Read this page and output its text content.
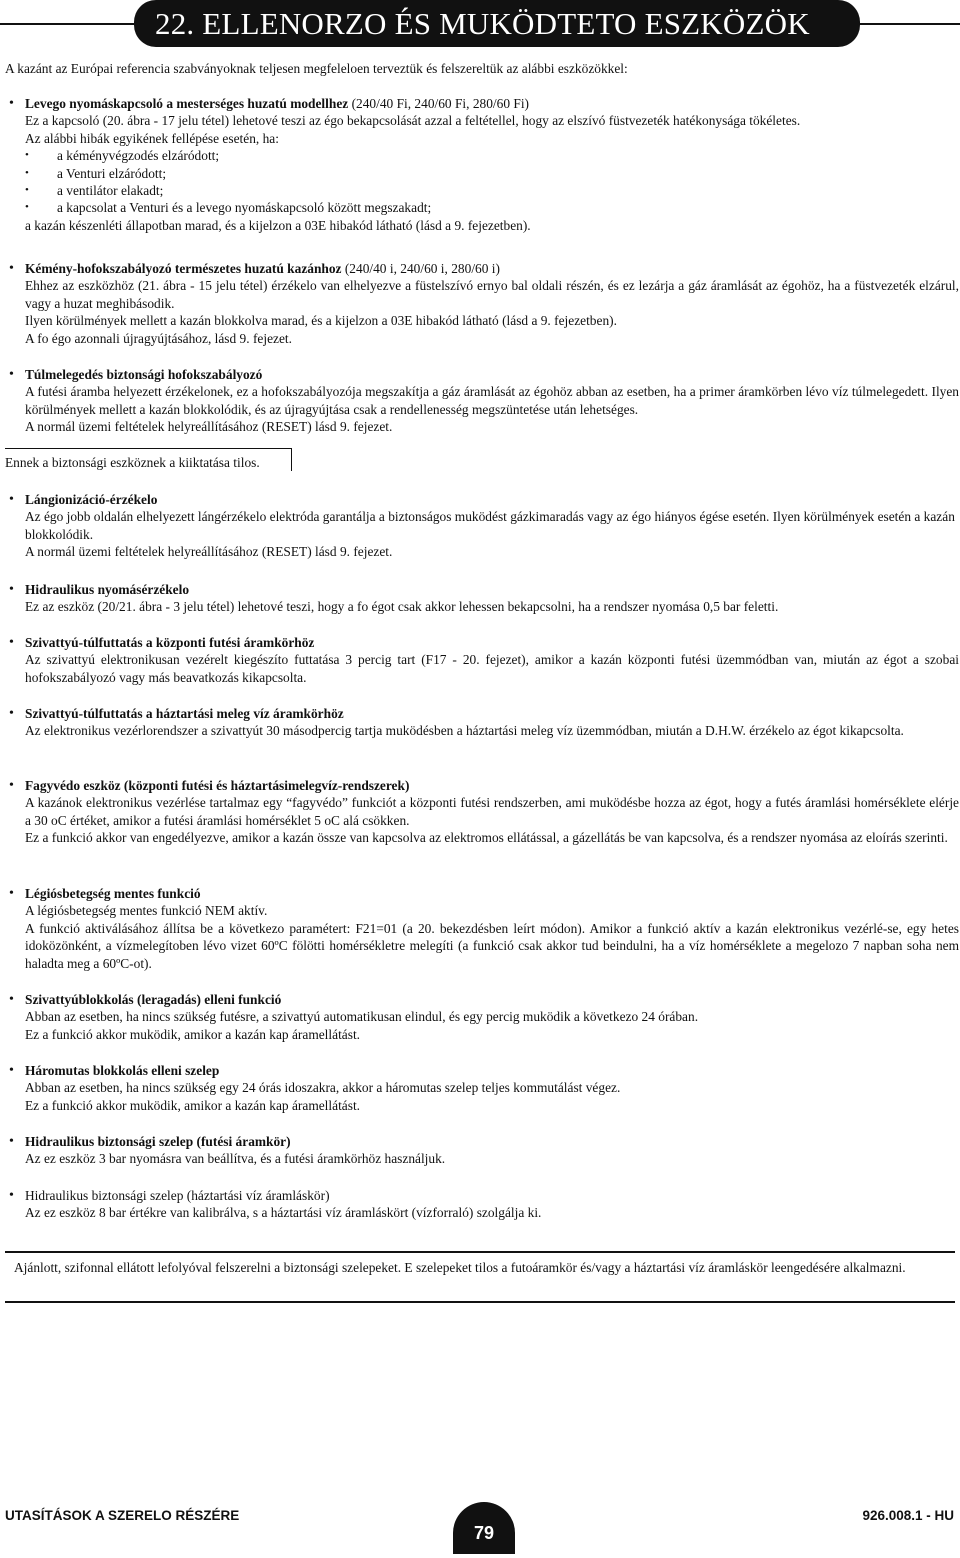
22. ELLENORZO ÉS MUKÖDTETO ESZKÖZÖK
A kazánt az Európai referencia szabványoknak teljesen megfeleloen terveztük és felszereltük az alábbi eszközökkel:
• Levego nyomáskapcsoló a mesterséges huzatú modellhez (240/40 Fi, 240/60 Fi, 280/60 Fi)
Ez a kapcsoló (20. ábra - 17 jelu tétel) lehetové teszi az égo bekapcsolását azzal a feltétellel, hogy az elszívó füstvezeték hatékonysága tökéletes.
Az alábbi hibák egyikének fellépése esetén, ha:
• a kéményvégzodés elzáródott;
• a Venturi elzáródott;
• a ventilátor elakadt;
• a kapcsolat a Venturi és a levego nyomáskapcsoló között megszakadt;
a kazán készenléti állapotban marad, és a kijelzon a 03E hibakód látható (lásd a 9. fejezetben).
• Kémény-hofokszabályozó természetes huzatú kazánhoz (240/40 i, 240/60 i, 280/60 i)
Ehhez az eszközhöz (21. ábra - 15 jelu tétel) érzékelo van elhelyezve a füstelszívó ernyo bal oldali részén, és ez lezárja a gáz áramlását az égohöz, ha a füstvezeték elzárul, vagy a huzat meghibásodik.
Ilyen körülmények mellett a kazán blokkolva marad, és a kijelzon a 03E hibakód látható (lásd a 9. fejezetben).
A fo égo azonnali újragyújtásához, lásd 9. fejezet.
• Túlmelegedés biztonsági hofokszabályozó
A futési áramba helyezett érzékelonek, ez a hofokszabályozója megszakítja a gáz áramlását az égohöz abban az esetben, ha a primer áramkörben lévo víz túlmelegedett. Ilyen körülmények mellett a kazán blokkolódik, és az újragyújtása csak a rendellenesség megszüntetése után lehetséges.
A normál üzemi feltételek helyreállításához (RESET) lásd 9. fejezet.
Ennek a biztonsági eszköznek a kiiktatása tilos.
• Lángionizáció-érzékelo
Az égo jobb oldalán elhelyezett lángérzékelo elektróda garantálja a biztonságos muködést gázkimaradás vagy az égo hiányos égése esetén. Ilyen körülmények esetén a kazán blokkolódik.
A normál üzemi feltételek helyreállításához (RESET) lásd 9. fejezet.
• Hidraulikus nyomásérzékelo
Ez az eszköz (20/21. ábra - 3 jelu tétel) lehetové teszi, hogy a fo égot csak akkor lehessen bekapcsolni, ha a rendszer nyomása 0,5 bar feletti.
• Szivattyú-túlfuttatás a központi futési áramkörhöz
Az szivattyú elektronikusan vezérelt kiegészíto futtatása 3 percig tart (F17 - 20. fejezet), amikor a kazán központi futési üzemmódban van, miután az égot a szobai hofokszabályozó vagy más beavatkozás kikapcsolta.
• Szivattyú-túlfuttatás a háztartási meleg víz áramkörhöz
Az elektronikus vezérlorendszer a szivattyút 30 másodpercig tartja muködésben a háztartási meleg víz üzemmódban, miután a D.H.W. érzékelo az égot kikapcsolta.
• Fagyvédo eszköz (központi futési és háztartásimelegvíz-rendszerek)
A kazánok elektronikus vezérlése tartalmaz egy “fagyvédo” funkciót a központi futési rendszerben, ami muködésbe hozza az égot, hogy a futés áramlási homérséklete elérje a 30 oC értéket, amikor a futési áramlási homérséklet 5 oC alá csökken.
Ez a funkció akkor van engedélyezve, amikor a kazán össze van kapcsolva az elektromos ellátással, a gázellátás be van kapcsolva, és a rendszer nyomása az eloírás szerinti.
• Légiósbetegség mentes funkció
A légiósbetegség mentes funkció NEM aktív.
A funkció aktiválásához állítsa be a következo paramétert: F21=01 (a 20. bekezdésben leírt módon). Amikor a funkció aktív a kazán elektronikus vezérlé-se, egy hetes idoközönként, a vízmelegítoben lévo vizet 60ºC fölötti homérsékletre melegíti (a funkció csak akkor tud beindulni, ha a víz homérséklete a megelozo 7 napban soha nem haladta meg a 60ºC-ot).
• Szivattyúblokkolás (leragadás) elleni funkció
Abban az esetben, ha nincs szükség futésre, a szivattyú automatikusan elindul, és egy percig muködik a következo 24 órában.
Ez a funkció akkor muködik, amikor a kazán kap áramellátást.
• Háromutas blokkolás elleni szelep
Abban az esetben, ha nincs szükség egy 24 órás idoszakra, akkor a háromutas szelep teljes kommutálást végez.
Ez a funkció akkor muködik, amikor a kazán kap áramellátást.
• Hidraulikus biztonsági szelep (futési áramkör)
Az ez eszköz 3 bar nyomásra van beállítva, és a futési áramkörhöz használjuk.
• Hidraulikus biztonsági szelep (háztartási víz áramláskör)
Az ez eszköz 8 bar értékre van kalibrálva, s a háztartási víz áramláskört (vízforraló) szolgálja ki.
Ajánlott, szifonnal ellátott lefolyóval felszerelni a biztonsági szelepeket. E szelepeket tilos a futoáramkör és/vagy a háztartási víz áramláskör leengedésére alkalmazni.
UTASÍTÁSOK A SZERELO RÉSZÉRE
79
926.008.1 - HU
